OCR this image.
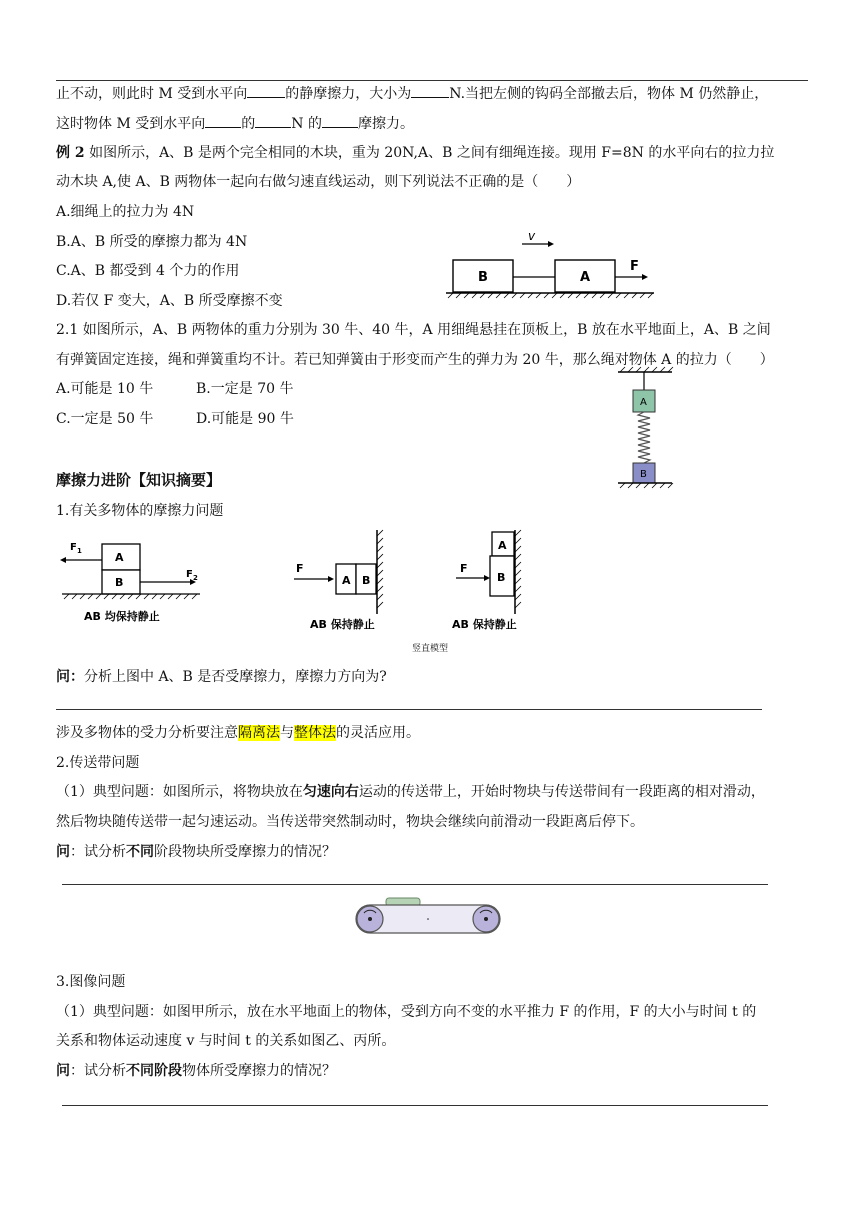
止不动，则此时 M 受到水平向	的静摩擦力，大小为	N.当把左侧的钩码全部撤去后，物体 M 仍然静止，
这时物体 M 受到水平向	的	N 的	摩擦力。
例 2 如图所示，A、B 是两个完全相同的木块，重为 20N,A、B 之间有细绳连接。现用 F=8N 的水平向右的拉力拉
动木块 A,使 A、B 两物体一起向右做匀速直线运动，则下列说法不正确的是（　　）
A.细绳上的拉力为 4N
B.A、B 所受的摩擦力都为 4N
C.A、B 都受到 4 个力的作用
D.若仅 F 变大，A、B 所受摩擦不变
v
B	A
F
2.1 如图所示，A、B 两物体的重力分别为 30 牛、40 牛，A 用细绳悬挂在顶板上，B 放在水平地面上，A、B 之间
有弹簧固定连接，绳和弹簧重均不计。若已知弹簧由于形变而产生的弹力为 20 牛，那么绳对物体 A 的拉力（　　）
A.可能是 10 牛	B.一定是 70 牛
C.一定是 50 牛	D.可能是 90 牛
A
B
摩擦力进阶【知识摘要】
1.有关多物体的摩擦力问题
F 1	A
B
F 2
AB 均保持静止
F
A B
AB 保持静止
F
A
B
AB 保持静止
竖直模型
问：分析上图中 A、B 是否受摩擦力，摩擦力方向为?
涉及多物体的受力分析要注意隔离法与整体法的灵活应用。
2.传送带问题
（1）典型问题：如图所示，将物块放在匀速向右运动的传送带上，开始时物块与传送带间有一段距离的相对滑动，
然后物块随传送带一起匀速运动。当传送带突然制动时，物块会继续向前滑动一段距离后停下。
问：试分析不同阶段物块所受摩擦力的情况？
3.图像问题
（1）典型问题：如图甲所示，放在水平地面上的物体，受到方向不变的水平推力 F 的作用，F 的大小与时间 t 的
关系和物体运动速度 v 与时间 t 的关系如图乙、丙所。
问：试分析不同阶段物体所受摩擦力的情况？
